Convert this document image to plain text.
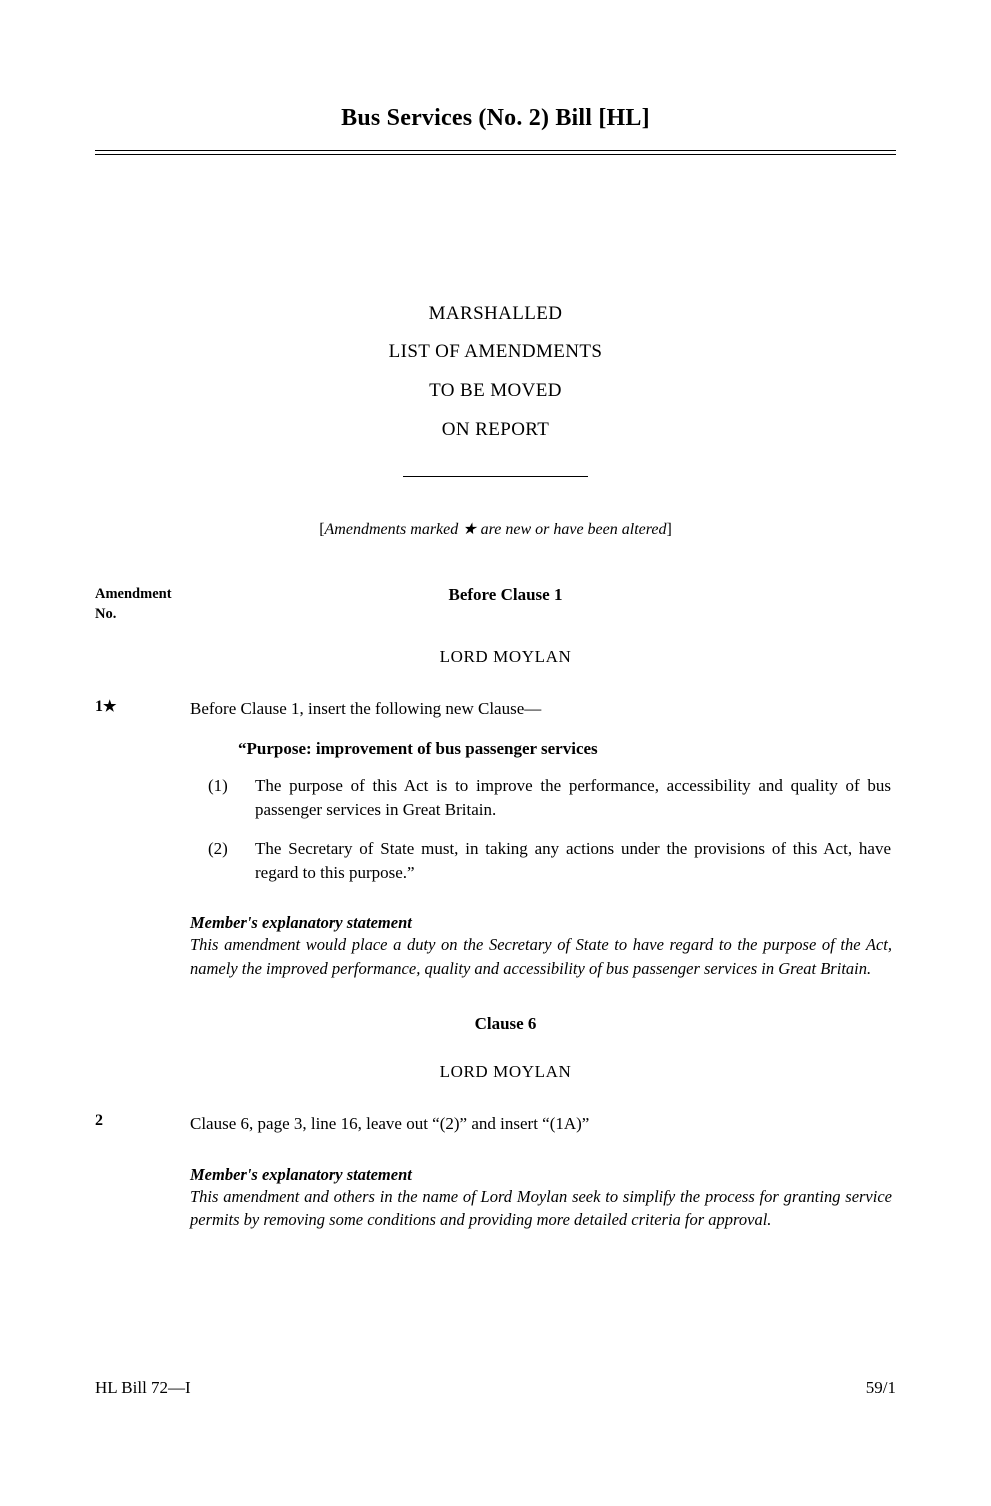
Bus Services (No. 2) Bill [HL]
MARSHALLED
LIST OF AMENDMENTS
TO BE MOVED
ON REPORT
[Amendments marked ★ are new or have been altered]
Amendment
No.
Before Clause 1
LORD MOYLAN
1★	Before Clause 1, insert the following new Clause—
“Purpose: improvement of bus passenger services
(1) The purpose of this Act is to improve the performance, accessibility and quality of bus passenger services in Great Britain.
(2) The Secretary of State must, in taking any actions under the provisions of this Act, have regard to this purpose.”
Member's explanatory statement
This amendment would place a duty on the Secretary of State to have regard to the purpose of the Act, namely the improved performance, quality and accessibility of bus passenger services in Great Britain.
Clause 6
LORD MOYLAN
2	Clause 6, page 3, line 16, leave out “(2)” and insert “(1A)”
Member's explanatory statement
This amendment and others in the name of Lord Moylan seek to simplify the process for granting service permits by removing some conditions and providing more detailed criteria for approval.
HL Bill 72—I	59/1
